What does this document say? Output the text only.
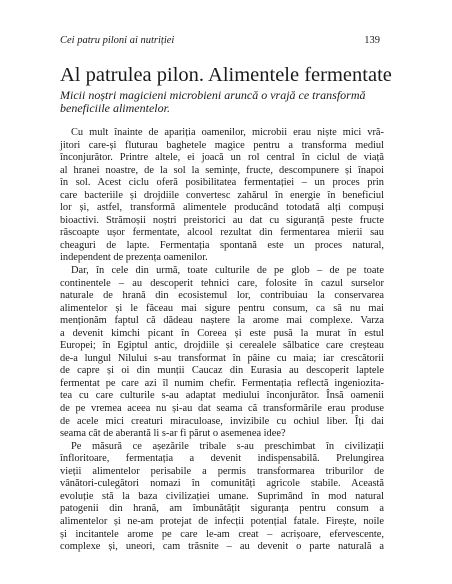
Cei patru piloni ai nutriției	139
Al patrulea pilon. Alimentele fermentate
Micii noștri magicieni microbieni aruncă o vrajă ce transformă
beneficiile alimentelor.
Cu mult înainte de apariția oamenilor, microbii erau niște mici vră-
jitori care-și fluturau baghetele magice pentru a transforma mediul
înconjurător. Printre altele, ei joacă un rol central în ciclul de viață
al hranei noastre, de la sol la semințe, fructe, descompunere și înapoi
în sol. Acest ciclu oferă posibilitatea fermentației – un proces prin
care bacteriile și drojdiile convertesc zahărul în energie în beneficiul
lor și, astfel, transformă alimentele producând totodată alți compuși
bioactivi. Strămoșii noștri preistorici au dat cu siguranță peste fructe
răscoapte ușor fermentate, alcool rezultat din fermentarea mierii sau
cheaguri de lapte. Fermentația spontană este un proces natural,
independent de prezența oamenilor.
Dar, în cele din urmă, toate culturile de pe glob – de pe toate
continentele – au descoperit tehnici care, folosite în cazul surselor
naturale de hrană din ecosistemul lor, contribuiau la conservarea
alimentelor și le făceau mai sigure pentru consum, ca să nu mai
menționăm faptul că dădeau naștere la arome mai complexe. Varza
a devenit kimchi picant în Coreea și este pusă la murat în estul
Europei; în Egiptul antic, drojdiile și cerealele sălbatice care creșteau
de-a lungul Nilului s-au transformat în pâine cu maia; iar crescătorii
de capre și oi din munții Caucaz din Eurasia au descoperit laptele
fermentat pe care azi îl numim chefir. Fermentația reflectă ingeniozita-
tea cu care culturile s-au adaptat mediului înconjurător. Însă oamenii
de pe vremea aceea nu și-au dat seama că transformările erau produse
de acele mici creaturi miraculoase, invizibile cu ochiul liber. Îți dai
seama cât de aberantă li s-ar fi părut o asemenea idee?
Pe măsură ce așezările tribale s-au preschimbat în civilizații
înfloritoare, fermentația a devenit indispensabilă. Prelungirea
vieții alimentelor perisabile a permis transformarea triburilor de
vânători-culegători nomazi în comunități agricole stabile. Această
evoluție stă la baza civilizației umane. Suprimând în mod natural
patogenii din hrană, am îmbunătățit siguranța pentru consum a
alimentelor și ne-am protejat de infecții potențial fatale. Firește, noile
și incitantele arome pe care le-am creat – acrișoare, efervescente,
complexe și, uneori, cam trăsnite – au devenit o parte naturală a
